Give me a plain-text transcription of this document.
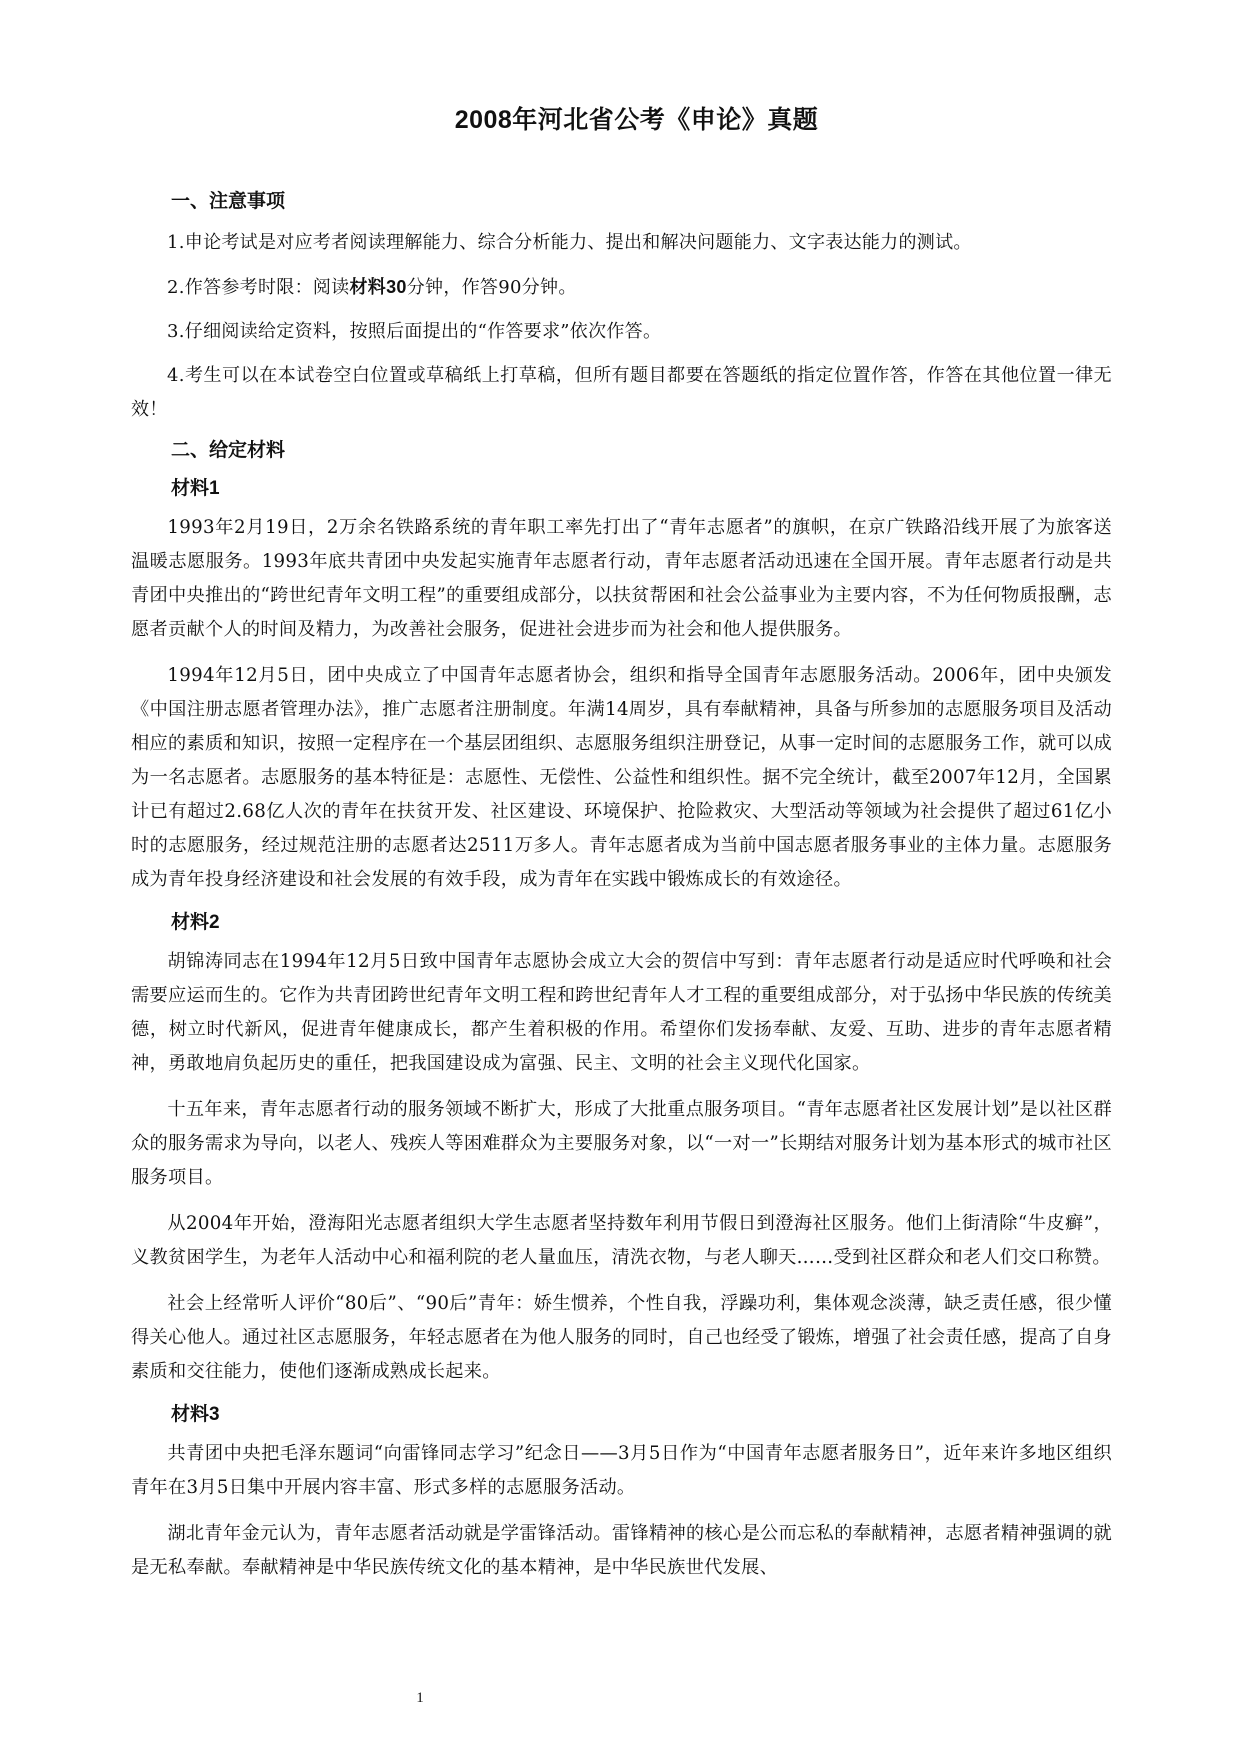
2008年河北省公考《申论》真题
一、注意事项

1.申论考试是对应考者阅读理解能力、综合分析能力、提出和解决问题能力、文字表达能力的测试。

2.作答参考时限：阅读材料30分钟，作答90分钟。

3.仔细阅读给定资料，按照后面提出的“作答要求”依次作答。

4.考生可以在本试卷空白位置或草稿纸上打草稿，但所有题目都要在答题纸的指定位置作答，作答在其他位置一律无效！

二、给定材料
材料1

1993年2月19日，2万余名铁路系统的青年职工率先打出了“青年志愿者”的旗帜，在京广铁路沿线开展了为旅客送温暖志愿服务。1993年底共青团中央发起实施青年志愿者行动，青年志愿者活动迅速在全国开展。青年志愿者行动是共青团中央推出的“跨世纪青年文明工程”的重要组成部分，以扶贫帮困和社会公益事业为主要内容，不为任何物质报酬，志愿者贡献个人的时间及精力，为改善社会服务，促进社会进步而为社会和他人提供服务。

1994年12月5日，团中央成立了中国青年志愿者协会，组织和指导全国青年志愿服务活动。2006年，团中央颁发《中国注册志愿者管理办法》，推广志愿者注册制度。年满14周岁，具有奉献精神，具备与所参加的志愿服务项目及活动相应的素质和知识，按照一定程序在一个基层团组织、志愿服务组织注册登记，从事一定时间的志愿服务工作，就可以成为一名志愿者。志愿服务的基本特征是：志愿性、无偿性、公益性和组织性。据不完全统计，截至2007年12月，全国累计已有超过2.68亿人次的青年在扶贫开发、社区建设、环境保护、抢险救灾、大型活动等领域为社会提供了超过61亿小时的志愿服务，经过规范注册的志愿者达2511万多人。青年志愿者成为当前中国志愿者服务事业的主体力量。志愿服务成为青年投身经济建设和社会发展的有效手段，成为青年在实践中锻炼成长的有效途径。

材料2

胡锦涛同志在1994年12月5日致中国青年志愿协会成立大会的贺信中写到：青年志愿者行动是适应时代呼唤和社会需要应运而生的。它作为共青团跨世纪青年文明工程和跨世纪青年人才工程的重要组成部分，对于弘扬中华民族的传统美德，树立时代新风，促进青年健康成长，都产生着积极的作用。希望你们发扬奉献、友爱、互助、进步的青年志愿者精神，勇敢地肩负起历史的重任，把我国建设成为富强、民主、文明的社会主义现代化国家。

十五年来，青年志愿者行动的服务领域不断扩大，形成了大批重点服务项目。“青年志愿者社区发展计划”是以社区群众的服务需求为导向，以老人、残疾人等困难群众为主要服务对象，以“一对一”长期结对服务计划为基本形式的城市社区服务项目。

从2004年开始，澄海阳光志愿者组织大学生志愿者坚持数年利用节假日到澄海社区服务。他们上街清除“牛皮癣”，义教贫困学生，为老年人活动中心和福利院的老人量血压，清洗衣物，与老人聊天……受到社区群众和老人们交口称赞。

社会上经常听人评价“80后”、“90后”青年：娇生惯养，个性自我，浮躁功利，集体观念淡薄，缺乏责任感，很少懂得关心他人。通过社区志愿服务，年轻志愿者在为他人服务的同时，自己也经受了锻炼，增强了社会责任感，提高了自身素质和交往能力，使他们逐渐成熟成长起来。

材料3

共青团中央把毛泽东题词“向雷锋同志学习”纪念日——3月5日作为“中国青年志愿者服务日”，近年来许多地区组织青年在3月5日集中开展内容丰富、形式多样的志愿服务活动。

湖北青年金元认为，青年志愿者活动就是学雷锋活动。雷锋精神的核心是公而忘私的奉献精神，志愿者精神强调的就是无私奉献。奉献精神是中华民族传统文化的基本精神，是中华民族世代发展、

1
